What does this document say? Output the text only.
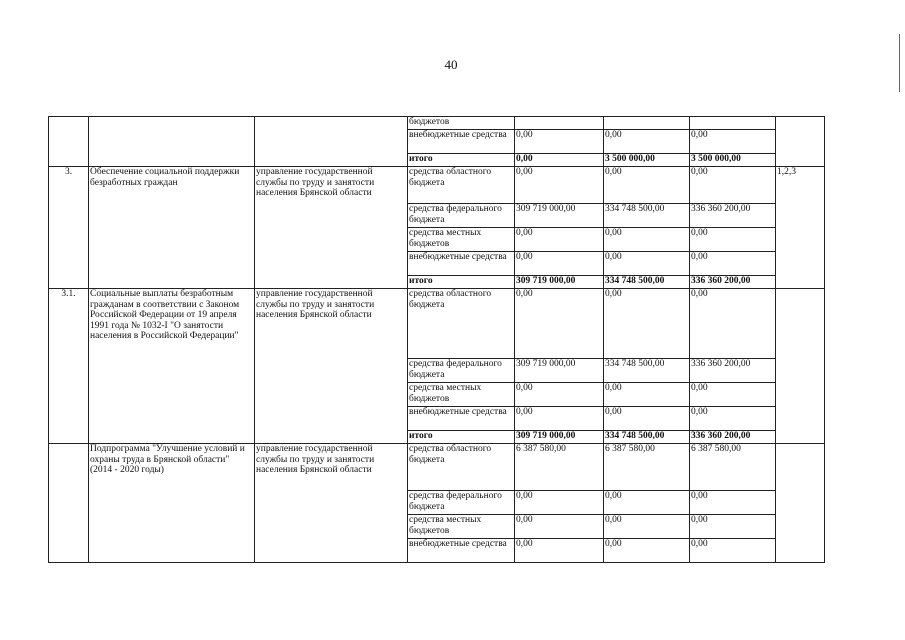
40
			бюджетов				
			внебюджетные средства	0,00	0,00	0,00	
			итого	0,00	3 500 000,00	3 500 000,00	
3.	Обеспечение социальной поддержки безработных граждан	управление государственной службы по труду и занятости населения Брянской области	средства областного бюджета	0,00	0,00	0,00	1,2,3
			средства федерального бюджета	309 719 000,00	334 748 500,00	336 360 200,00	
			средства местных бюджетов	0,00	0,00	0,00	
			внебюджетные средства	0,00	0,00	0,00	
			итого	309 719 000,00	334 748 500,00	336 360 200,00	
3.1.	Социальные выплаты безработным гражданам в соответствии с Законом Российской Федерации от 19 апреля 1991 года № 1032-I "О занятости населения в Российской Федерации"	управление государственной службы по труду и занятости населения Брянской области	средства областного бюджета	0,00	0,00	0,00	
			средства федерального бюджета	309 719 000,00	334 748 500,00	336 360 200,00	
			средства местных бюджетов	0,00	0,00	0,00	
			внебюджетные средства	0,00	0,00	0,00	
			итого	309 719 000,00	334 748 500,00	336 360 200,00	
	Подпрограмма "Улучшение условий и охраны труда в Брянской области" (2014 - 2020 годы)	управление государственной службы по труду и занятости населения Брянской области	средства областного бюджета	6 387 580,00	6 387 580,00	6 387 580,00	
			средства федерального бюджета	0,00	0,00	0,00	
			средства местных бюджетов	0,00	0,00	0,00	
			внебюджетные средства	0,00	0,00	0,00	
